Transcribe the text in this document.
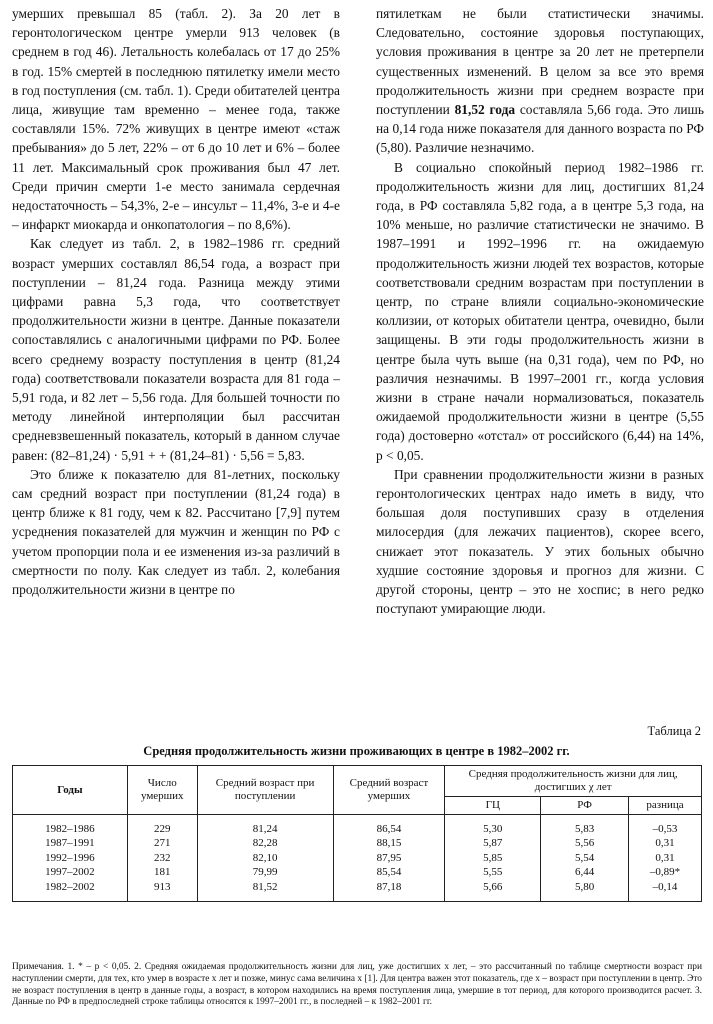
умерших превышал 85 (табл. 2). За 20 лет в геронтологическом центре умерли 913 человек (в среднем в год 46). Летальность колебалась от 17 до 25% в год. 15% смертей в последнюю пятилетку имели место в год поступления (см. табл. 1). Среди обитателей центра лица, живущие там временно – менее года, также составляли 15%. 72% живущих в центре имеют «стаж пребывания» до 5 лет, 22% – от 6 до 10 лет и 6% – более 11 лет. Максимальный срок проживания был 47 лет. Среди причин смерти 1-е место занимала сердечная недостаточность – 54,3%, 2-е – инсульт – 11,4%, 3-е и 4-е – инфаркт миокарда и онкопатология – по 8,6%).

Как следует из табл. 2, в 1982–1986 гг. средний возраст умерших составлял 86,54 года, а возраст при поступлении – 81,24 года. Разница между этими цифрами равна 5,3 года, что соответствует продолжительности жизни в центре. Данные показатели сопоставлялись с аналогичными цифрами по РФ. Более всего среднему возрасту поступления в центр (81,24 года) соответствовали показатели возраста для 81 года – 5,91 года, и 82 лет – 5,56 года. Для большей точности по методу линейной интерполяции был рассчитан средневзвешенный показатель, который в данном случае равен: (82–81,24) · 5,91 + + (81,24–81) · 5,56 = 5,83.

Это ближе к показателю для 81-летних, поскольку сам средний возраст при поступлении (81,24 года) в центр ближе к 81 году, чем к 82. Рассчитано [7,9] путем усреднения показателей для мужчин и женщин по РФ с учетом пропорции пола и ее изменения из-за различий в смертности по полу. Как следует из табл. 2, колебания продолжительности жизни в центре по

пятилеткам не были статистически значимы. Следовательно, состояние здоровья поступающих, условия проживания в центре за 20 лет не претерпели существенных изменений. В целом за все это время продолжительность жизни при среднем возрасте при поступлении 81,52 года составляла 5,66 года. Это лишь на 0,14 года ниже показателя для данного возраста по РФ (5,80). Различие незначимо.

В социально спокойный период 1982–1986 гг. продолжительность жизни для лиц, достигших 81,24 года, в РФ составляла 5,82 года, а в центре 5,3 года, на 10% меньше, но различие статистически не значимо. В 1987–1991 и 1992–1996 гг. на ожидаемую продолжительность жизни людей тех возрастов, которые соответствовали средним возрастам при поступлении в центр, по стране влияли социально-экономические коллизии, от которых обитатели центра, очевидно, были защищены. В эти годы продолжительность жизни в центре была чуть выше (на 0,31 года), чем по РФ, но различия незначимы. В 1997–2001 гг., когда условия жизни в стране начали нормализоваться, показатель ожидаемой продолжительности жизни в центре (5,55 года) достоверно «отстал» от российского (6,44) на 14%, р < 0,05.

При сравнении продолжительности жизни в разных геронтологических центрах надо иметь в виду, что большая доля поступивших сразу в отделения милосердия (для лежачих пациентов), скорее всего, снижает этот показатель. У этих больных обычно худшие состояние здоровья и прогноз для жизни. С другой стороны, центр – это не хоспис; в него редко поступают умирающие люди.

Таблица 2
Средняя продолжительность жизни проживающих в центре в 1982–2002 гг.
Годы	Число умерших	Средний возраст при поступлении	Средний возраст умерших	Средняя продолжительность жизни для лиц, достигших χ лет		
				ГЦ	РФ	разница
1982–1986	229	81,24	86,54	5,30	5,83	–0,53
1987–1991	271	82,28	88,15	5,87	5,56	0,31
1992–1996	232	82,10	87,95	5,85	5,54	0,31
1997–2002	181	79,99	85,54	5,55	6,44	–0,89*
1982–2002	913	81,52	87,18	5,66	5,80	–0,14
Примечания. 1. * – р < 0,05. 2. Средняя ожидаемая продолжительность жизни для лиц, уже достигших x лет, – это рассчитанный по таблице смертности возраст при наступлении смерти, для тех, кто умер в возрасте x лет и позже, минус сама величина x [1]. Для центра важен этот показатель, где x – возраст при поступлении в центр. Это не возраст поступления в центр в данные годы, а возраст, в котором находились на время поступления лица, умершие в тот период, для которого производится расчет. 3. Данные по РФ в предпоследней строке таблицы относятся к 1997–2001 гг., в последней – к 1982–2001 гг.
